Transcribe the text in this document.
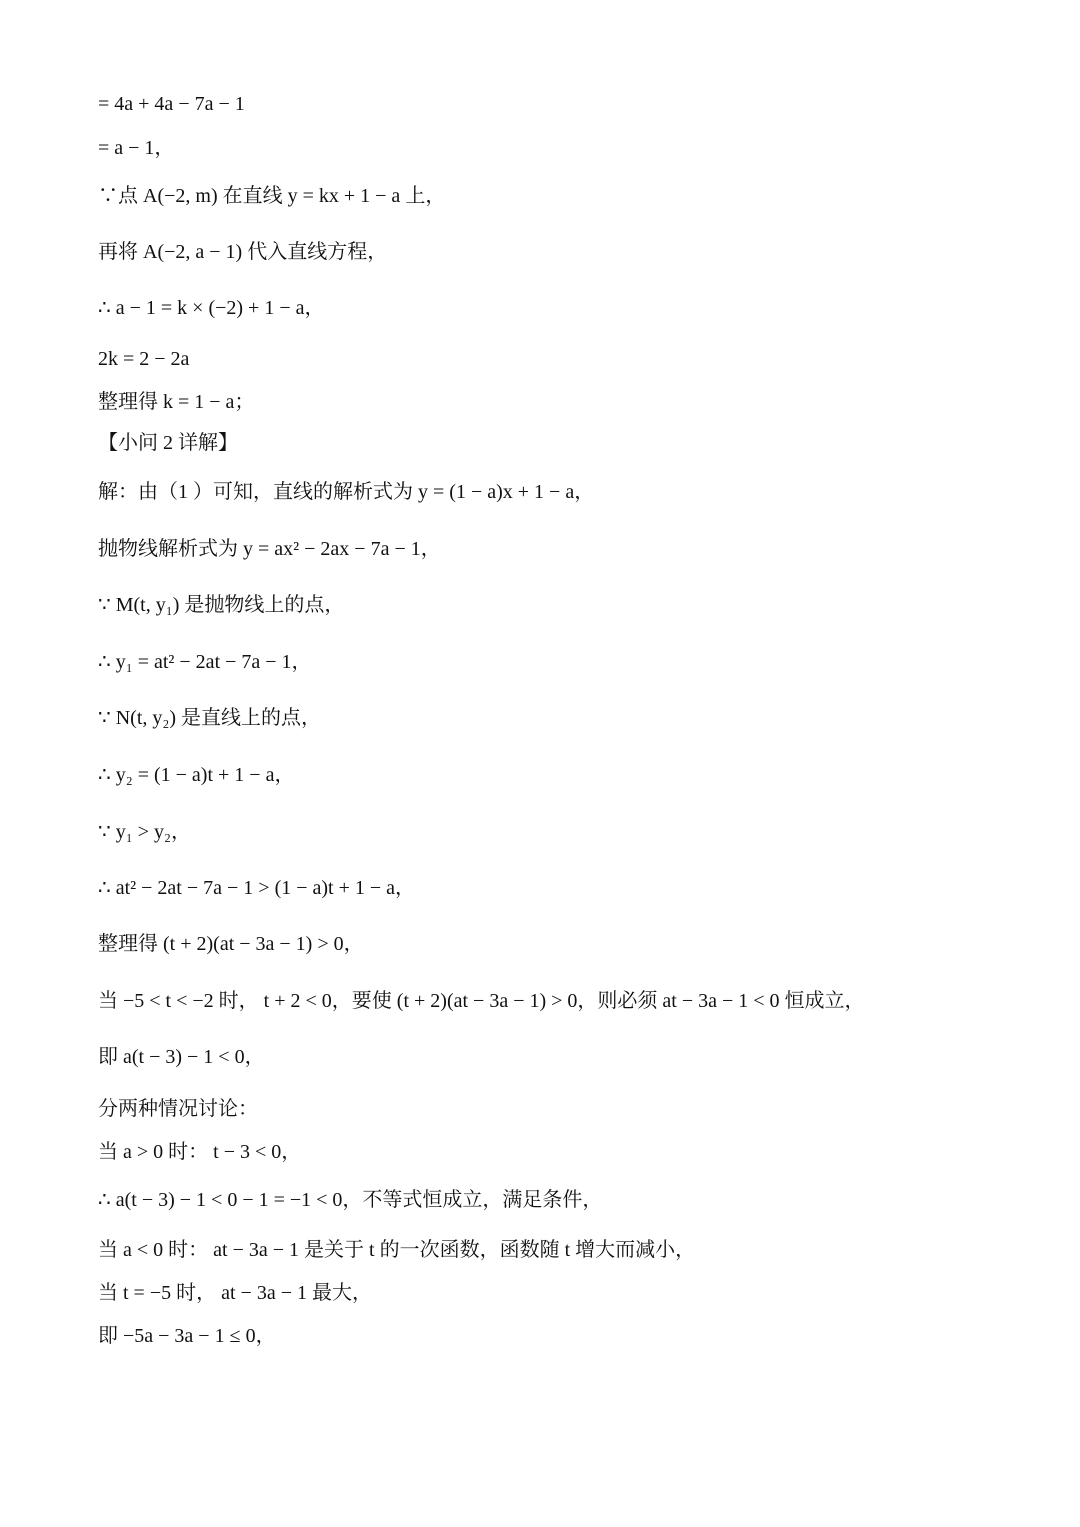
= 4a + 4a − 7a − 1
= a − 1，
∵点 A(−2, m) 在直线 y = kx + 1 − a 上，
再将 A(−2, a − 1) 代入直线方程，
∴ a − 1 = k × (−2) + 1 − a，
2k = 2 − 2a
整理得 k = 1 − a；
【小问 2 详解】
解：由（1 ）可知，直线的解析式为 y = (1 − a)x + 1 − a，
抛物线解析式为 y = ax² − 2ax − 7a − 1，
∵ M(t, y₁) 是抛物线上的点，
∴ y₁ = at² − 2at − 7a − 1，
∵ N(t, y₂) 是直线上的点，
∴ y₂ = (1 − a)t + 1 − a，
∵ y₁ > y₂，
∴ at² − 2at − 7a − 1 > (1 − a)t + 1 − a，
整理得 (t + 2)(at − 3a − 1) > 0，
当 −5 < t < −2 时， t + 2 < 0，要使 (t + 2)(at − 3a − 1) > 0，则必须 at − 3a − 1 < 0 恒成立，
即 a(t − 3) − 1 < 0，
分两种情况讨论：
当 a > 0 时： t − 3 < 0，
∴ a(t − 3) − 1 < 0 − 1 = −1 < 0，不等式恒成立，满足条件，
当 a < 0 时： at − 3a − 1 是关于 t 的一次函数，函数随 t 增大而减小，
当 t = −5 时， at − 3a − 1 最大，
即 −5a − 3a − 1 ≤ 0，
